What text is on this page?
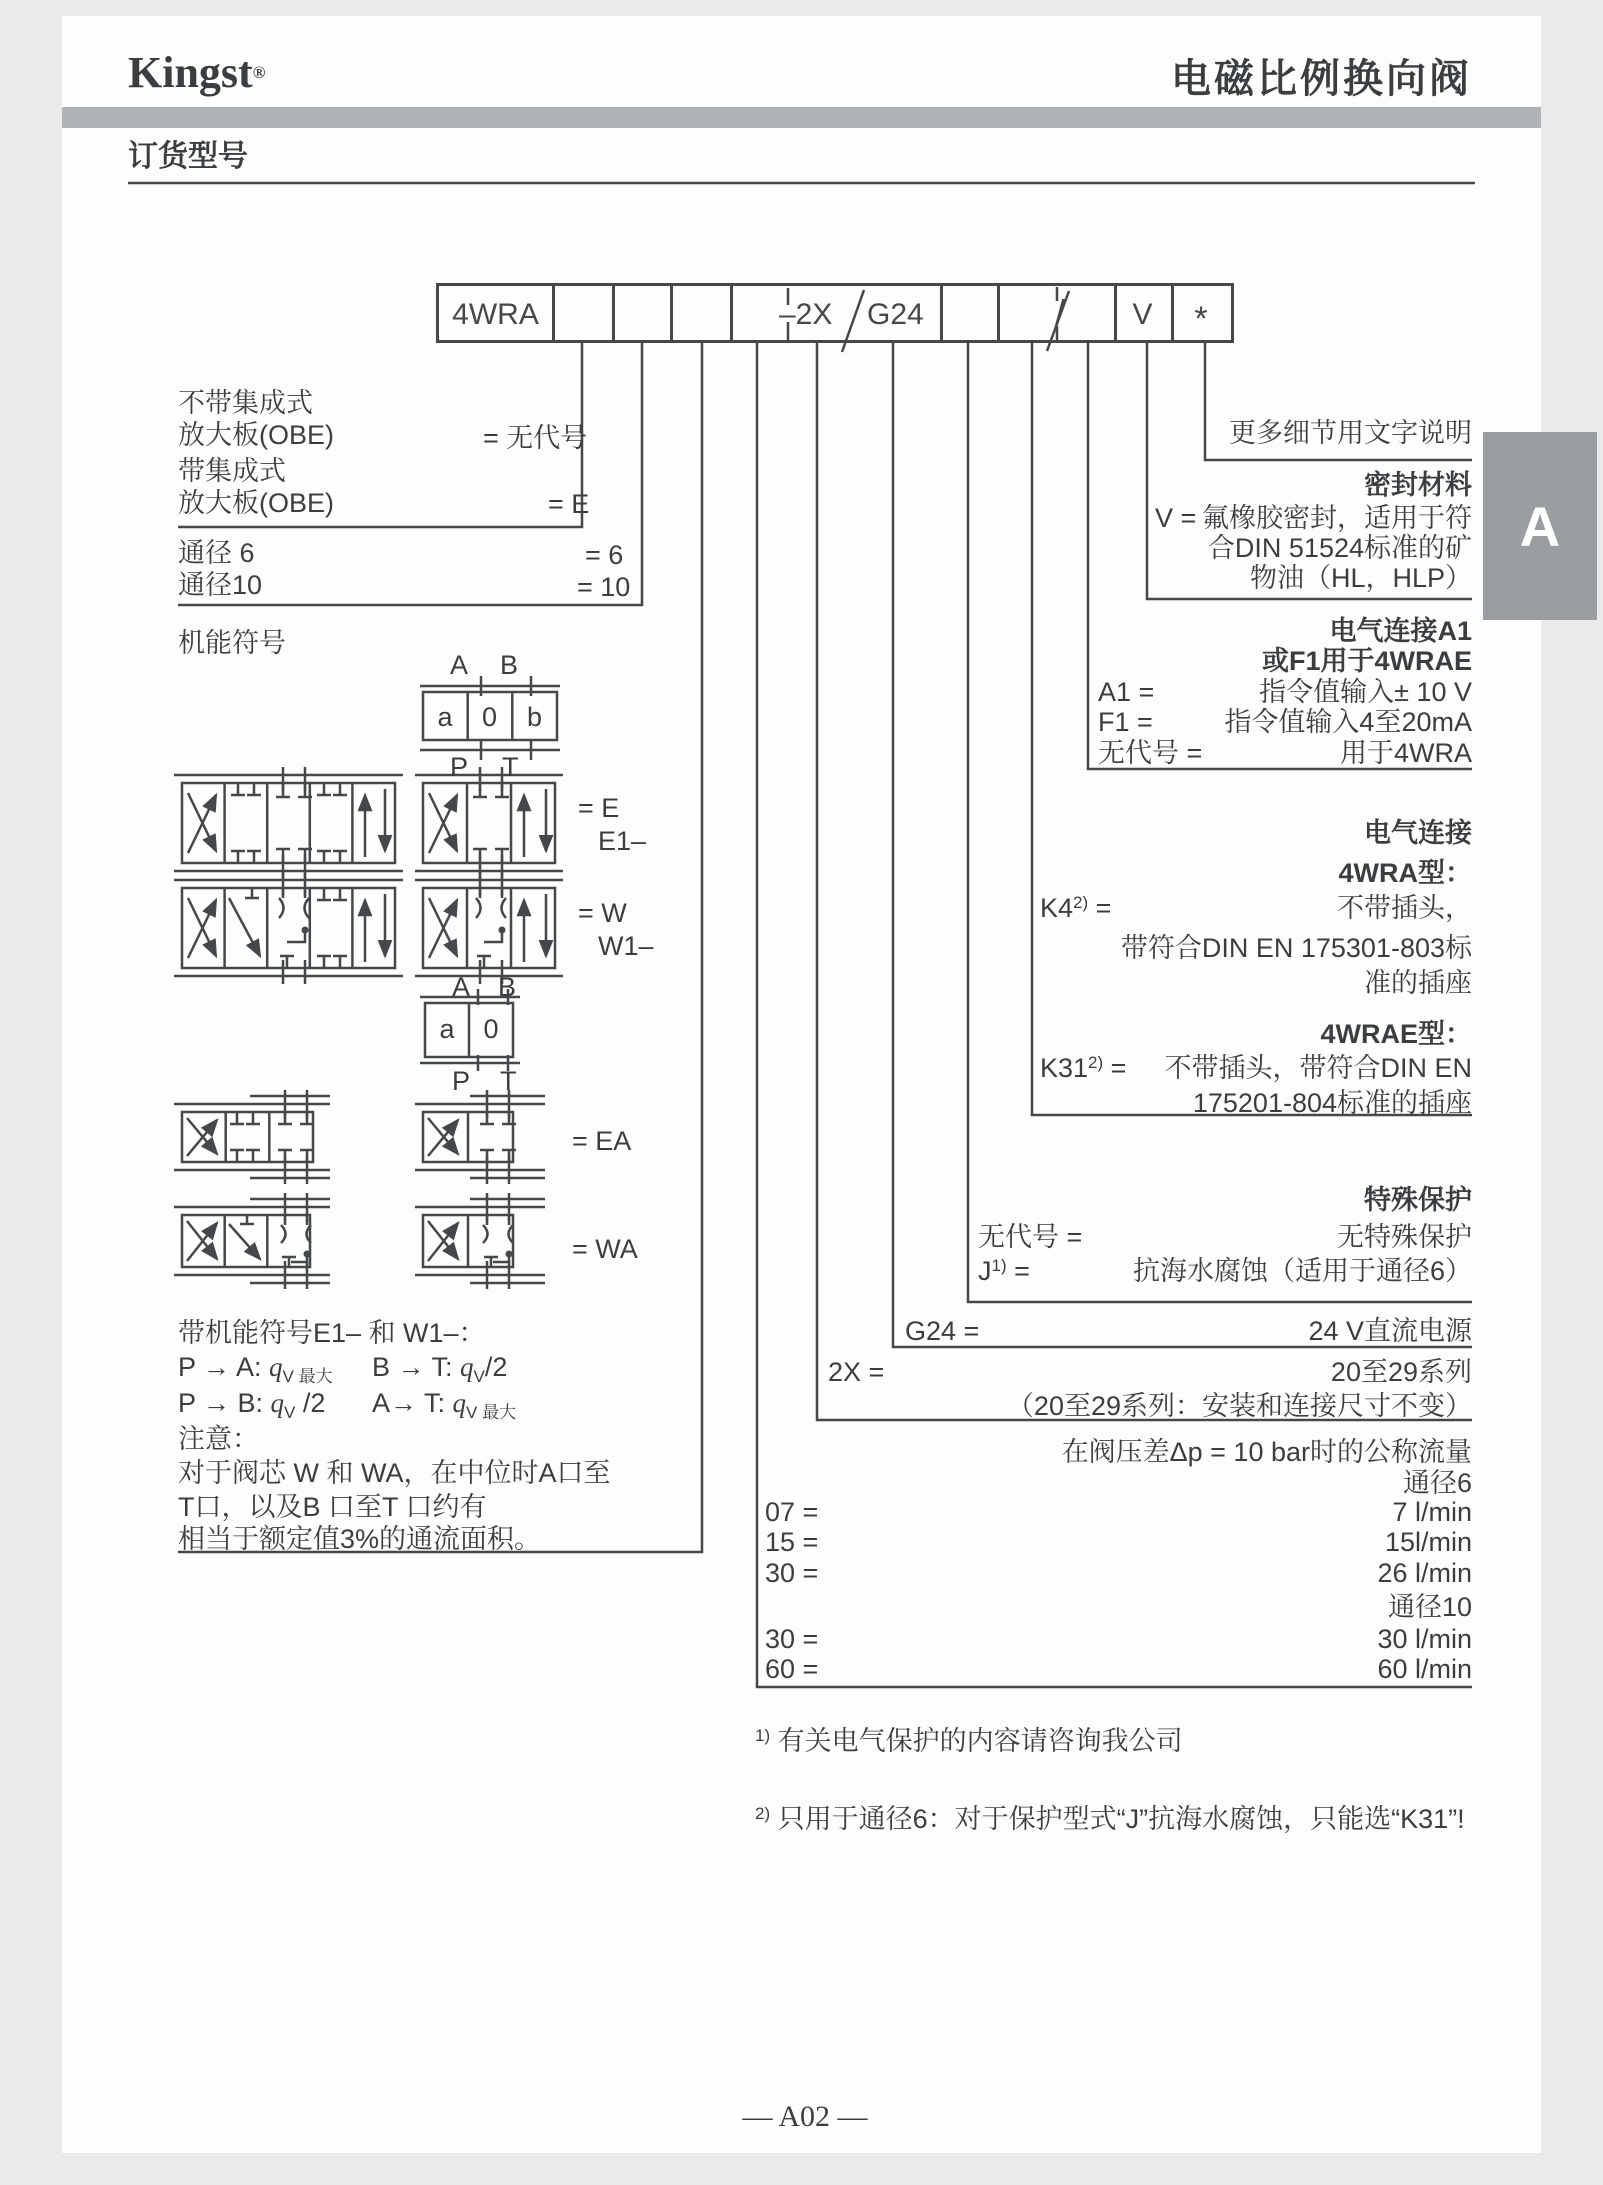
Kingst®	电磁比例换向阀
订货型号
A
4WRA	–2X G24	/	V	*
不带集成式
放大板(OBE)	= 无代号
带集成式
放大板(OBE)	= E
通径 6	= 6
通径10	= 10
机能符号
A B
a	0	b
P T
= E
E1–
= W
W1–
= EA
= WA
A B
a	0
P T
带机能符号E1– 和 W1–：
P → A: $q_{V 最大}$ B → T: $q_V/2$
P → B: $q_V$ /2 A→ T: $q_{V 最大}$
注意：
对于阀芯 W 和 WA，在中位时A口至
T口，以及B 口至T 口约有
相当于额定值3%的通流面积。
更多细节用文字说明
密封材料
V = 氟橡胶密封，适用于符
合DIN 51524标准的矿
物油（HL，HLP）
电气连接A1
或F1用于4WRAE
A1 =	指令值输入± 10 V
F1 =	指令值输入4至20mA
无代号 =	用于4WRA
电气连接
4WRA型：
$K4^{2)}$ =	不带插头，
带符合DIN EN 175301-803标
准的插座
4WRAE型：
$K31^{2)}$ = 不带插头，带符合DIN EN
175201-804标准的插座
特殊保护
无代号 =	无特殊保护
$J^{1)}$ =	抗海水腐蚀（适用于通径6）
G24 =	24 V直流电源
2X =	20至29系列
（20至29系列：安装和连接尺寸不变）
在阀压差Δp = 10 bar时的公称流量
通径6
07 =	7 l/min
15 =	15l/min
30 =	26 l/min
通径10
30 =	30 l/min
60 =	60 l/min
$^{1)}$ 有关电气保护的内容请咨询我公司
$^{2)}$ 只用于通径6：对于保护型式“J”抗海水腐蚀，只能选“K31”!
— A02 —
